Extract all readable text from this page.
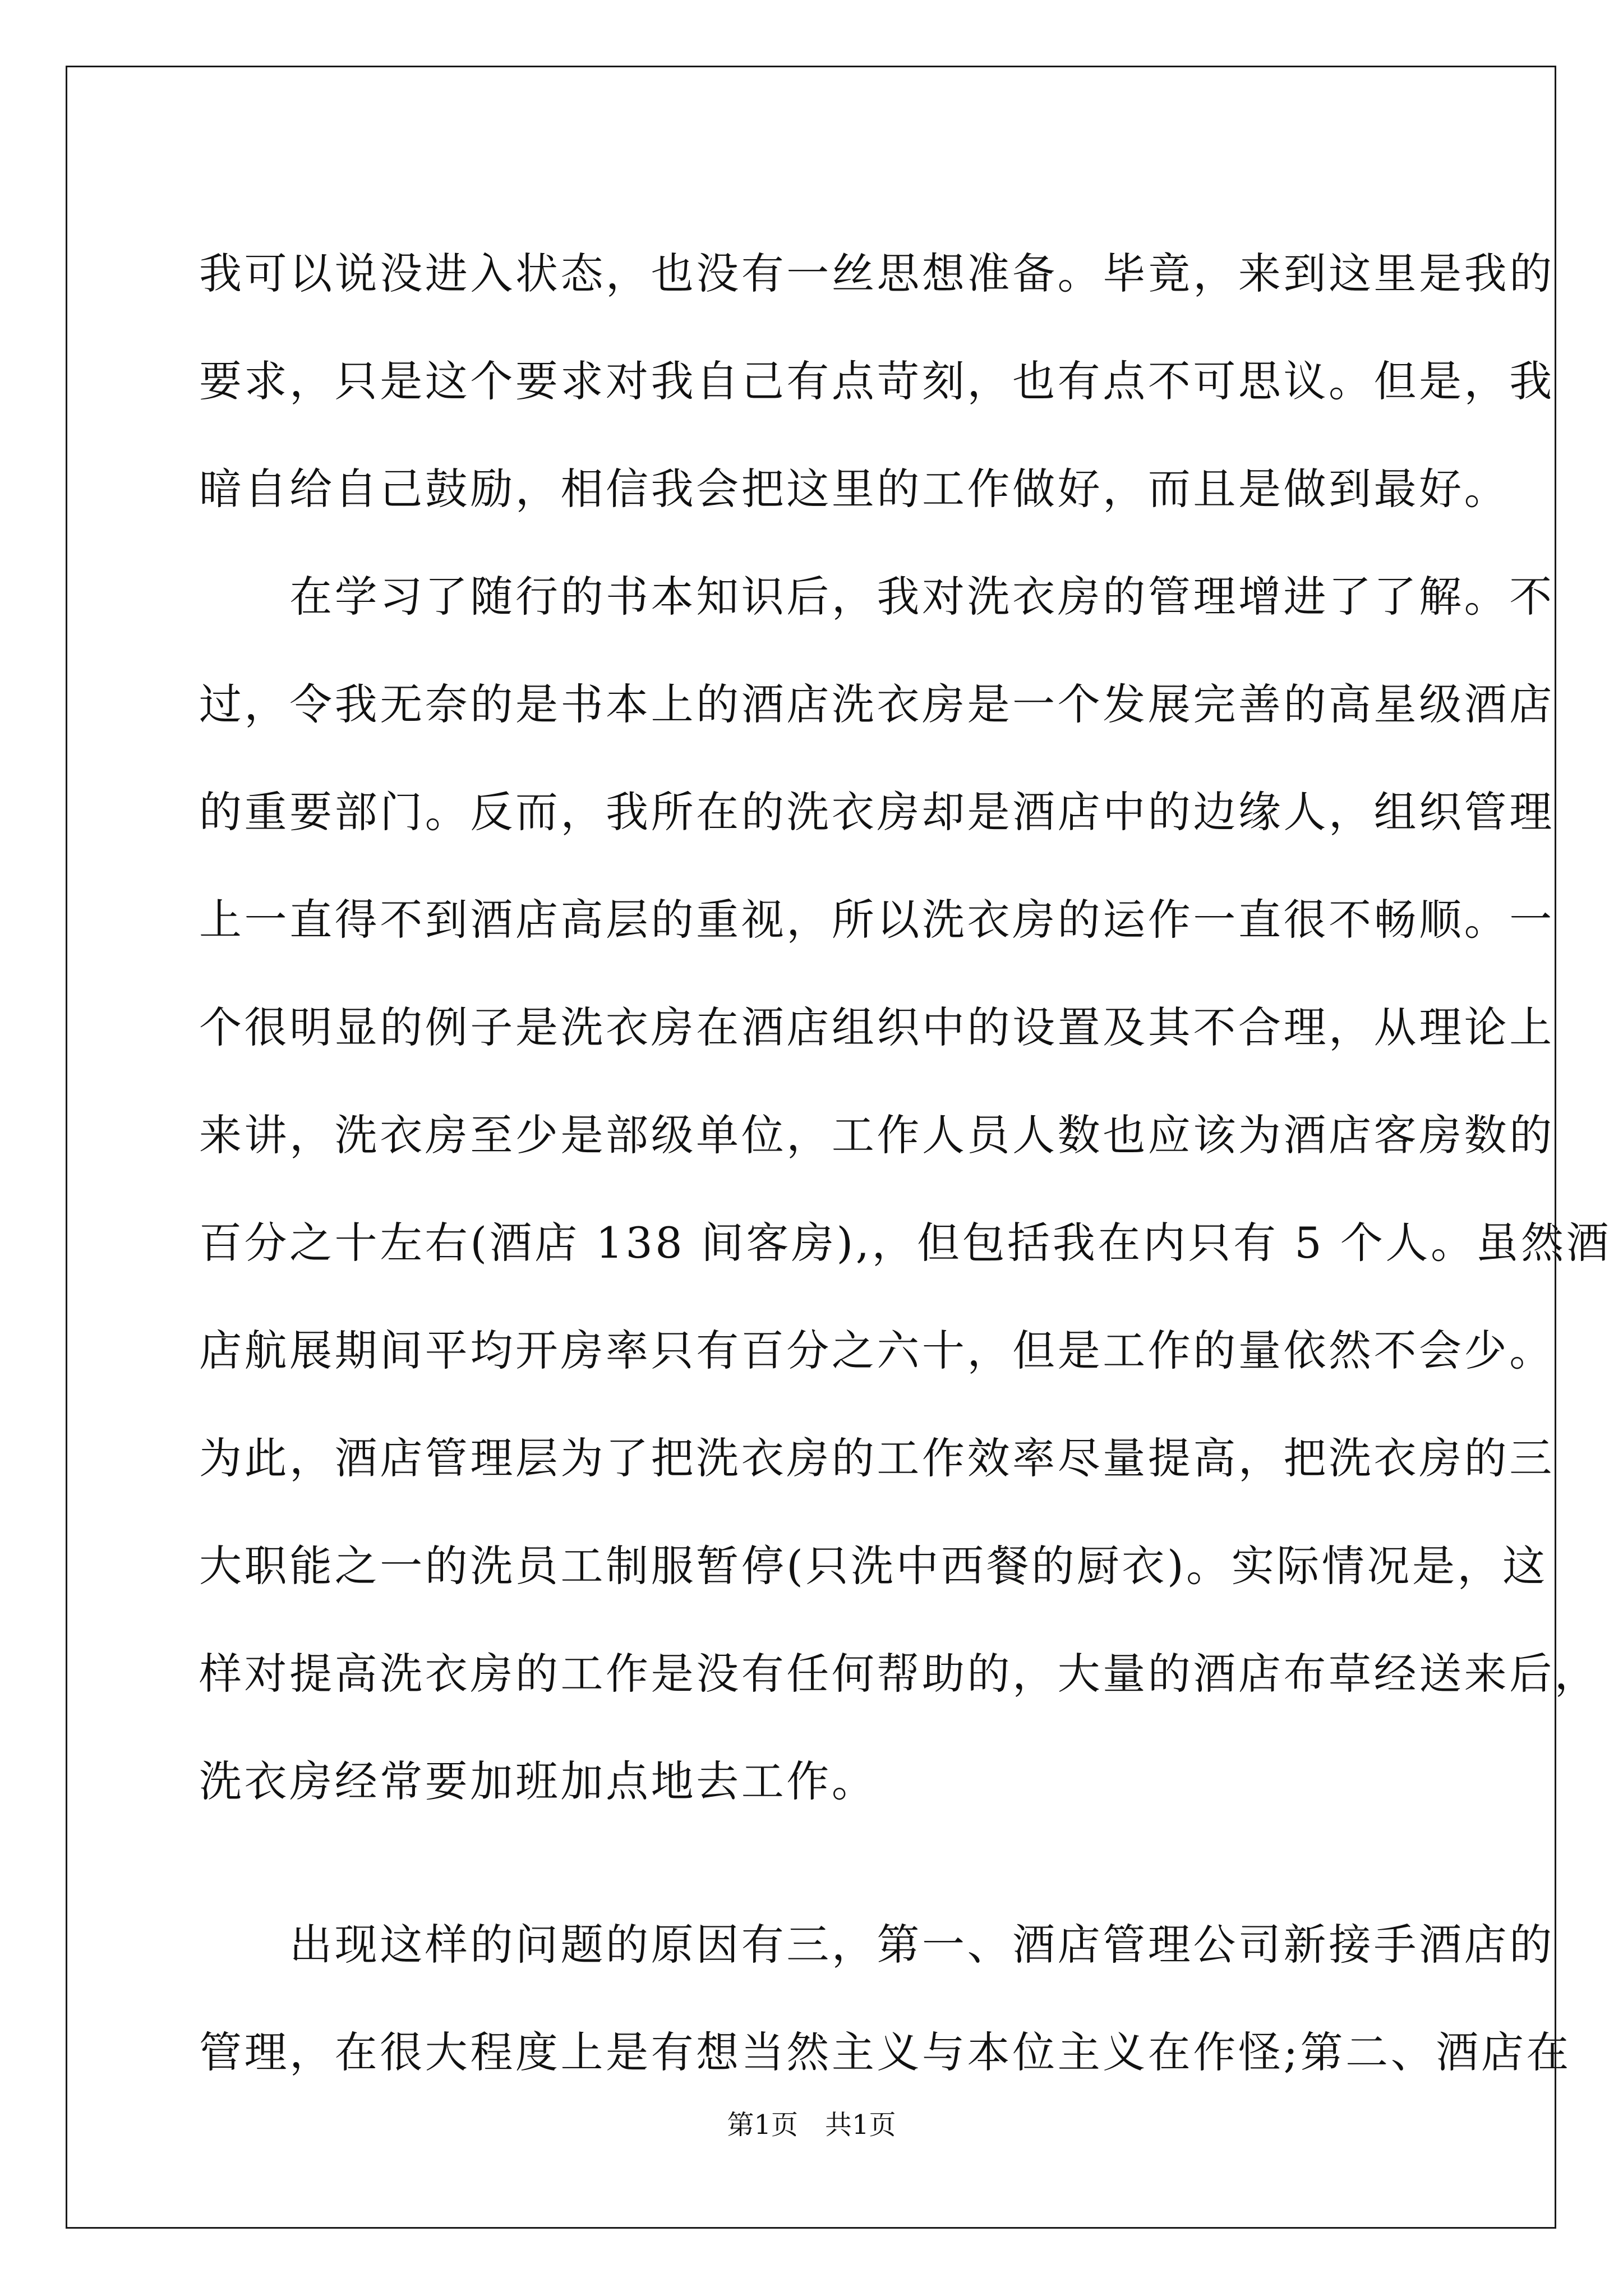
我可以说没进入状态，也没有一丝思想准备。毕竟，来到这里是我的
要求，只是这个要求对我自己有点苛刻，也有点不可思议。但是，我
暗自给自己鼓励，相信我会把这里的工作做好，而且是做到最好。
　　在学习了随行的书本知识后，我对洗衣房的管理增进了了解。不
过，令我无奈的是书本上的酒店洗衣房是一个发展完善的高星级酒店
的重要部门。反而，我所在的洗衣房却是酒店中的边缘人，组织管理
上一直得不到酒店高层的重视，所以洗衣房的运作一直很不畅顺。一
个很明显的例子是洗衣房在酒店组织中的设置及其不合理，从理论上
来讲，洗衣房至少是部级单位，工作人员人数也应该为酒店客房数的
百分之十左右(酒店 138 间客房),，但包括我在内只有 5 个人。虽然酒
店航展期间平均开房率只有百分之六十，但是工作的量依然不会少。
为此，酒店管理层为了把洗衣房的工作效率尽量提高，把洗衣房的三
大职能之一的洗员工制服暂停(只洗中西餐的厨衣)。实际情况是，这
样对提高洗衣房的工作是没有任何帮助的，大量的酒店布草经送来后，
洗衣房经常要加班加点地去工作。
　　出现这样的问题的原因有三，第一、酒店管理公司新接手酒店的
管理，在很大程度上是有想当然主义与本位主义在作怪;第二、酒店在
第1页　共1页
